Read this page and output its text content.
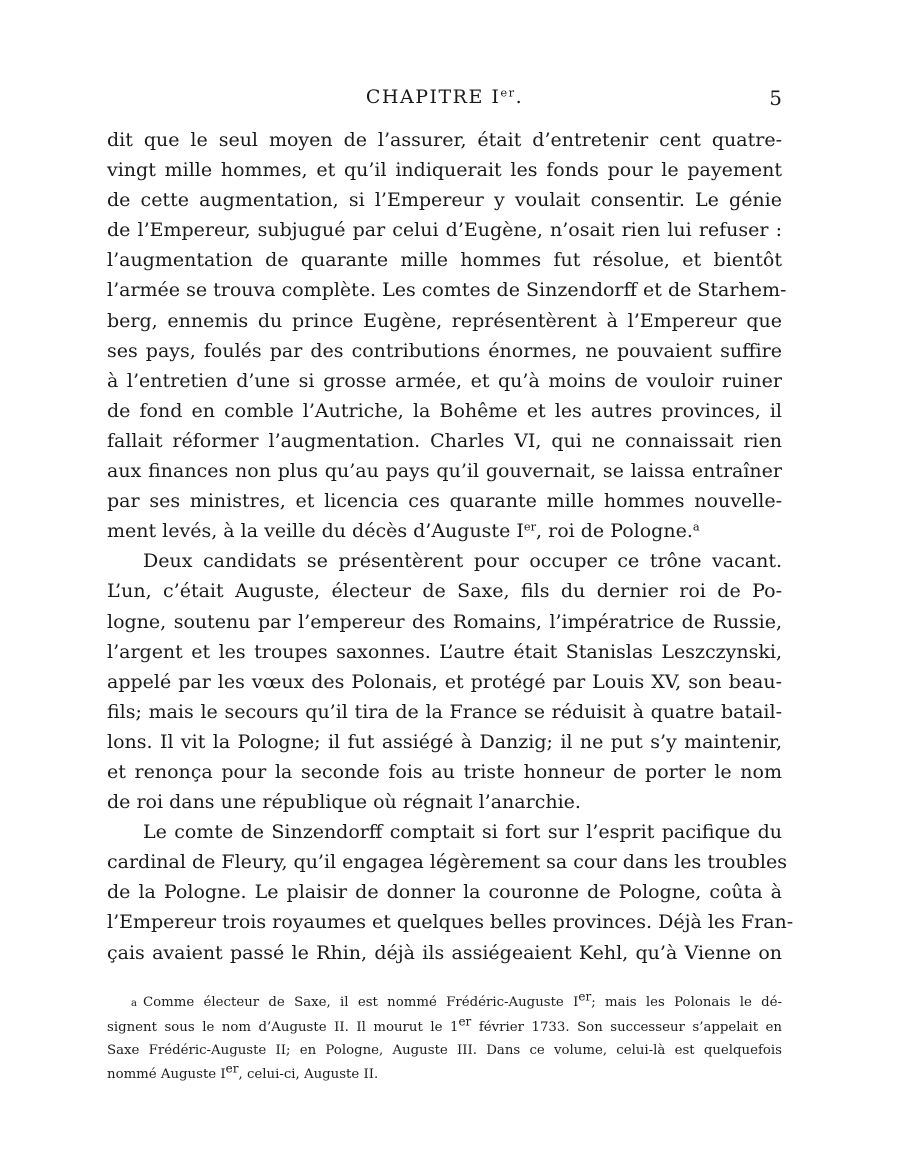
CHAPITRE Ier.	5
dit que le seul moyen de l’assurer, était d’entretenir cent quatre-
vingt mille hommes, et qu’il indiquerait les fonds pour le payement
de cette augmentation, si l’Empereur y voulait consentir. Le génie
de l’Empereur, subjugué par celui d’Eugène, n’osait rien lui refuser :
l’augmentation de quarante mille hommes fut résolue, et bientôt
l’armée se trouva complète. Les comtes de Sinzendorff et de Starhem-
berg, ennemis du prince Eugène, représentèrent à l’Empereur que
ses pays, foulés par des contributions énormes, ne pouvaient suffire
à l’entretien d’une si grosse armée, et qu’à moins de vouloir ruiner
de fond en comble l’Autriche, la Bohême et les autres provinces, il
fallait réformer l’augmentation. Charles VI, qui ne connaissait rien
aux finances non plus qu’au pays qu’il gouvernait, se laissa entraîner
par ses ministres, et licencia ces quarante mille hommes nouvelle-
ment levés, à la veille du décès d’Auguste Ier, roi de Pologne.$^a$
Deux candidats se présentèrent pour occuper ce trône vacant.
L’un, c’était Auguste, électeur de Saxe, fils du dernier roi de Po-
logne, soutenu par l’empereur des Romains, l’impératrice de Russie,
l’argent et les troupes saxonnes. L’autre était Stanislas Leszczynski,
appelé par les vœux des Polonais, et protégé par Louis XV, son beau-
fils; mais le secours qu’il tira de la France se réduisit à quatre batail-
lons. Il vit la Pologne; il fut assiégé à Danzig; il ne put s’y maintenir,
et renonça pour la seconde fois au triste honneur de porter le nom
de roi dans une république où régnait l’anarchie.
Le comte de Sinzendorff comptait si fort sur l’esprit pacifique du
cardinal de Fleury, qu’il engagea légèrement sa cour dans les troubles
de la Pologne. Le plaisir de donner la couronne de Pologne, coûta à
l’Empereur trois royaumes et quelques belles provinces. Déjà les Fran-
çais avaient passé le Rhin, déjà ils assiégeaient Kehl, qu’à Vienne on
a Comme électeur de Saxe, il est nommé Frédéric-Auguste Ier; mais les Polonais le dé-
signent sous le nom d’Auguste II. Il mourut le 1er février 1733. Son successeur s’appelait en
Saxe Frédéric-Auguste II; en Pologne, Auguste III. Dans ce volume, celui-là est quelquefois
nommé Auguste Ier, celui-ci, Auguste II.
